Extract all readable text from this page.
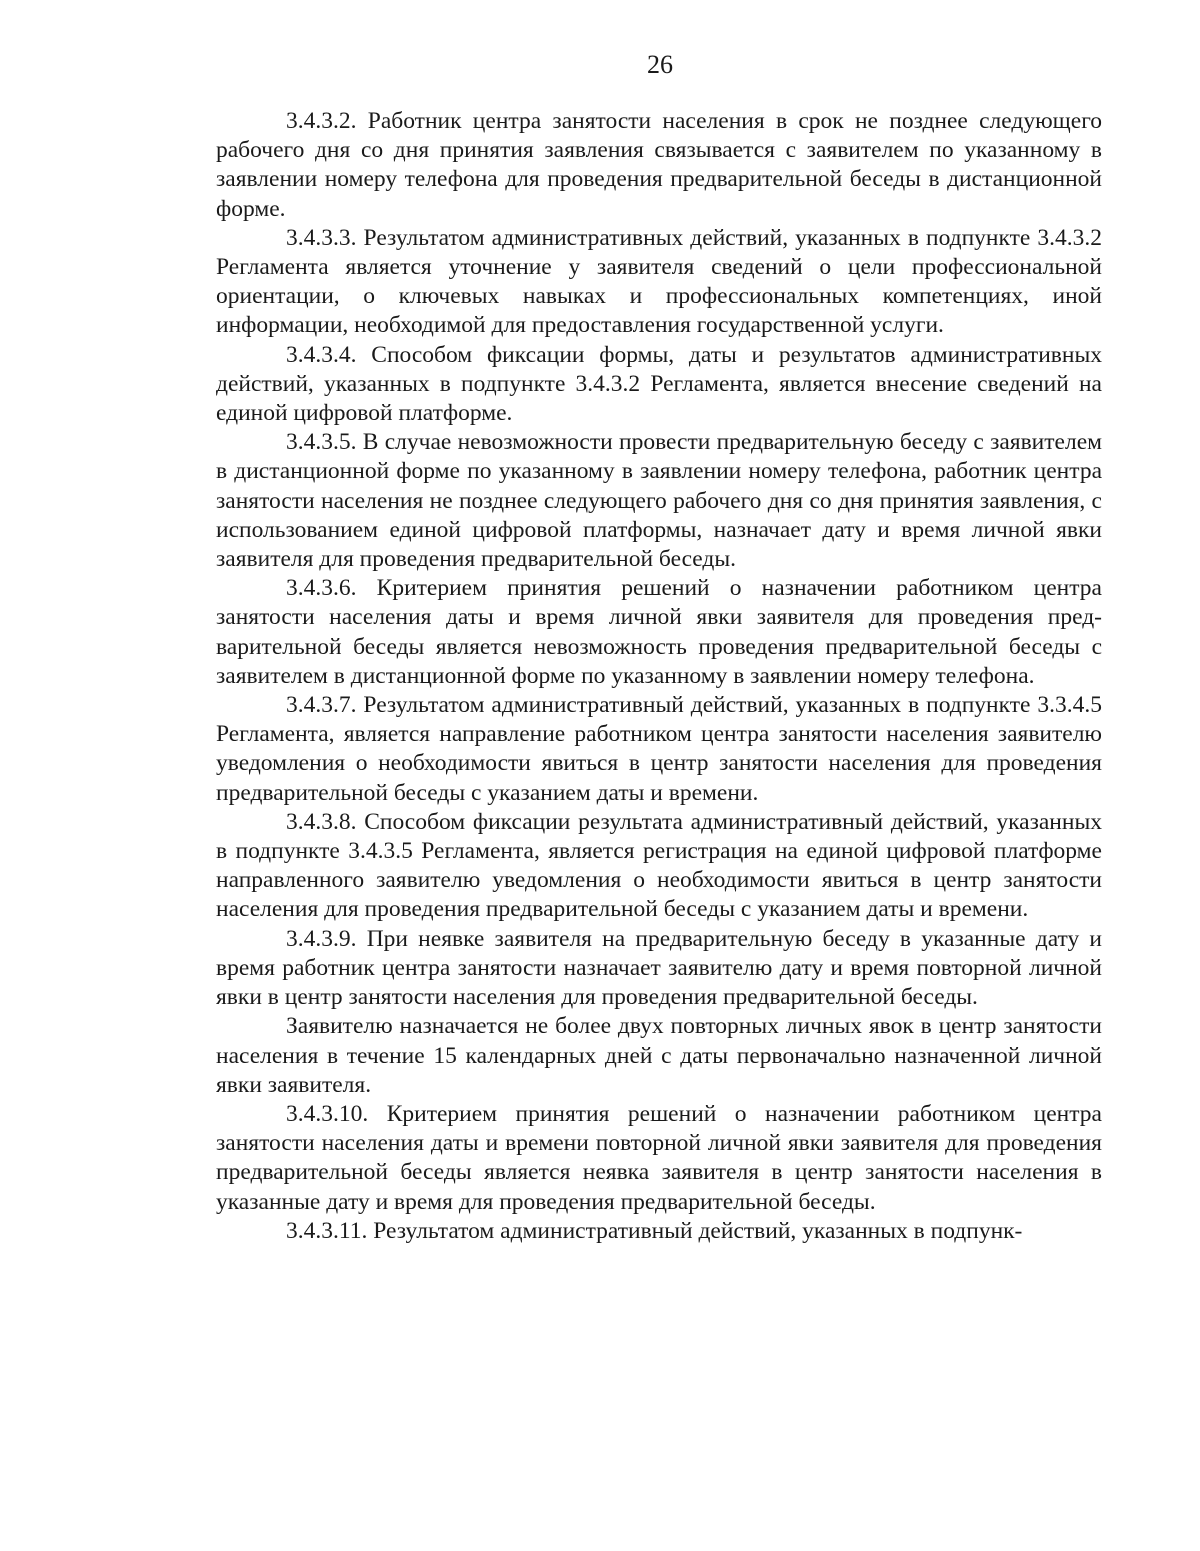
26

3.4.3.2. Работник центра занятости населения в срок не позднее следующего рабочего дня со дня принятия заявления связывается с заявителем по указанному в заявлении номеру телефона для проведения предварительной беседы в дистанционной форме.

3.4.3.3. Результатом административных действий, указанных в подпункте 3.4.3.2 Регламента является уточнение у заявителя сведений о цели профессиональной ориентации, о ключевых навыках и профессиональных компетенциях, иной информации, необходимой для предоставления государственной услуги.

3.4.3.4. Способом фиксации формы, даты и результатов административных действий, указанных в подпункте 3.4.3.2 Регламента, является внесение сведений на единой цифровой платформе.

3.4.3.5. В случае невозможности провести предварительную беседу с заявителем в дистанционной форме по указанному в заявлении номеру телефона, работник центра занятости населения не позднее следующего рабочего дня со дня принятия заявления, с использованием единой цифровой платформы, назначает дату и время личной явки заявителя для проведения предварительной беседы.

3.4.3.6. Критерием принятия решений о назначении работником центра занятости населения даты и время личной явки заявителя для проведения предварительной беседы является невозможность проведения предварительной беседы с заявителем в дистанционной форме по указанному в заявлении номеру телефона.

3.4.3.7. Результатом административный действий, указанных в подпункте 3.3.4.5 Регламента, является направление работником центра занятости населения заявителю уведомления о необходимости явиться в центр занятости населения для проведения предварительной беседы с указанием даты и времени.

3.4.3.8. Способом фиксации результата административный действий, указанных в подпункте 3.4.3.5 Регламента, является регистрация на единой цифровой платформе направленного заявителю уведомления о необходимости явиться в центр занятости населения для проведения предварительной беседы с указанием даты и времени.

3.4.3.9. При неявке заявителя на предварительную беседу в указанные дату и время работник центра занятости назначает заявителю дату и время повторной личной явки в центр занятости населения для проведения предварительной беседы.

Заявителю назначается не более двух повторных личных явок в центр занятости населения в течение 15 календарных дней с даты первоначально назначенной личной явки заявителя.

3.4.3.10. Критерием принятия решений о назначении работником центра занятости населения даты и времени повторной личной явки заявителя для проведения предварительной беседы является неявка заявителя в центр занятости населения в указанные дату и время для проведения предварительной беседы.

3.4.3.11. Результатом административный действий, указанных в подпунк-
